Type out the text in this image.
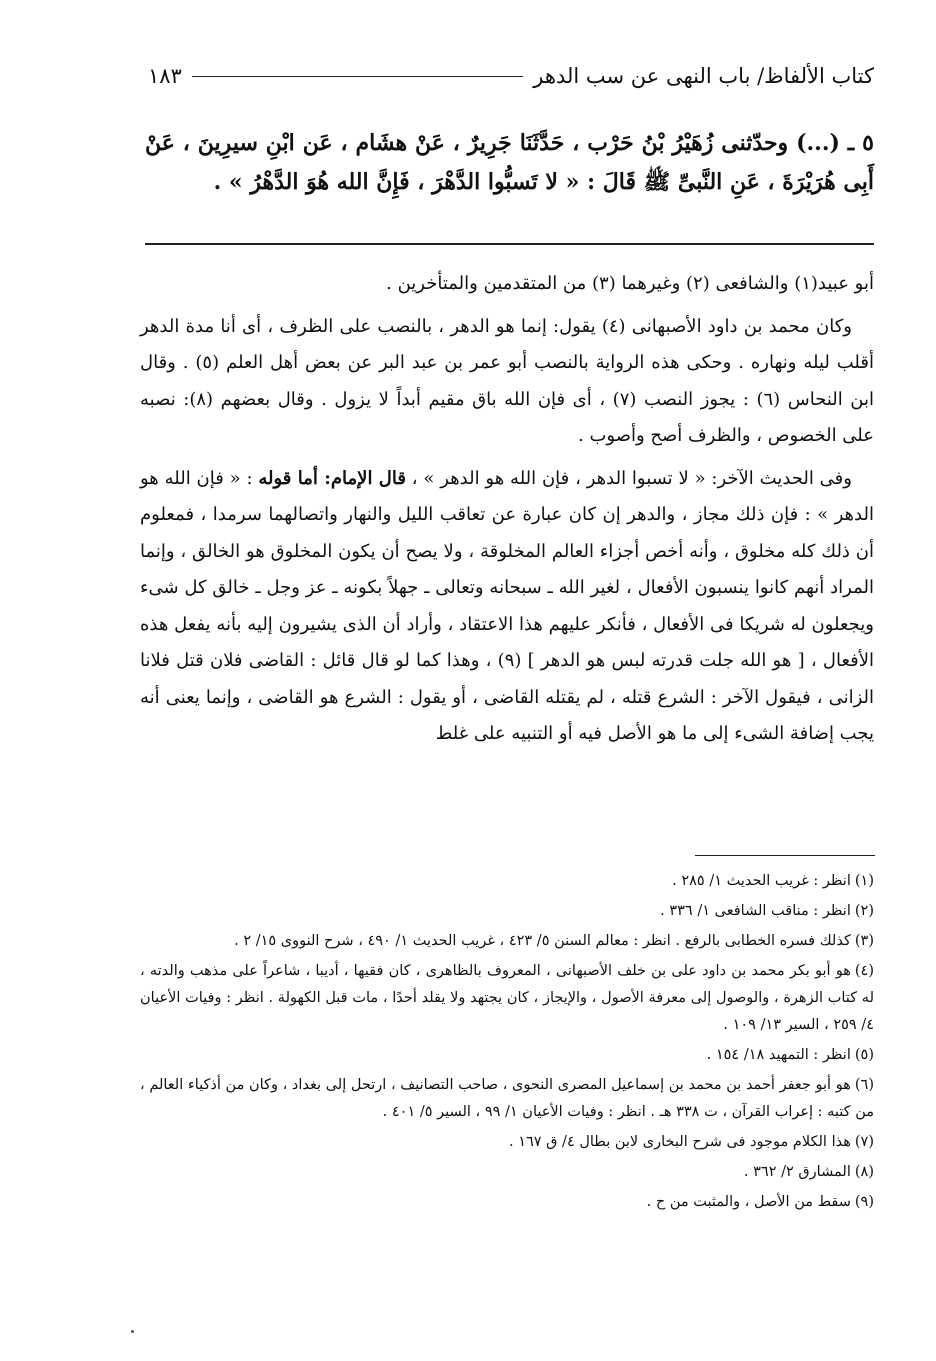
كتاب الألفاظ/ باب النهى عن سب الدهر
١٨٣
٥ ـ (...) وحدّثنى زُهَيْرُ بْنُ حَرْب ، حَدَّثَنَا جَرِيرٌ ، عَنْ هشَام ، عَن ابْنِ سيرِينَ ، عَنْ أَبِى هُرَيْرَةَ ، عَنِ النَّبىِّ ﷺ قَالَ : « لا تَسبُّوا الدَّهْرَ ، فَإِنَّ الله هُوَ الدَّهْرُ » .

أبو عبيد(١) والشافعى (٢) وغيرهما (٣) من المتقدمين والمتأخرين .

وكان محمد بن داود الأصبهانى (٤) يقول: إنما هو الدهر ، بالنصب على الظرف ، أى أنا مدة الدهر أقلب ليله ونهاره . وحكى هذه الرواية بالنصب أبو عمر بن عبد البر عن بعض أهل العلم (٥) . وقال ابن النحاس (٦) : يجوز النصب (٧) ، أى فإن الله باق مقيم أبداً لا يزول . وقال بعضهم (٨): نصبه على الخصوص ، والظرف أصح وأصوب .

وفى الحديث الآخر: « لا تسبوا الدهر ، فإن الله هو الدهر » ، قال الإمام: أما قوله : « فإن الله هو الدهر » : فإن ذلك مجاز ، والدهر إن كان عبارة عن تعاقب الليل والنهار واتصالهما سرمدا ، فمعلوم أن ذلك كله مخلوق ، وأنه أخص أجزاء العالم المخلوقة ، ولا يصح أن يكون المخلوق هو الخالق ، وإنما المراد أنهم كانوا ينسبون الأفعال ، لغير الله ـ سبحانه وتعالى ـ جهلاً بكونه ـ عز وجل ـ خالق كل شىء ويجعلون له شريكا فى الأفعال ، فأنكر عليهم هذا الاعتقاد ، وأراد أن الذى يشيرون إليه بأنه يفعل هذه الأفعال ، [ هو الله جلت قدرته لبس هو الدهر ] (٩) ، وهذا كما لو قال قائل : القاضى فلان قتل فلانا الزانى ، فيقول الآخر : الشرع قتله ، لم يقتله القاضى ، أو يقول : الشرع هو القاضى ، وإنما يعنى أنه يجب إضافة الشىء إلى ما هو الأصل فيه أو التنبيه على غلط

(١)انظر : غريب الحديث ١/ ٢٨٥ .

(٢)انظر : مناقب الشافعى ١/ ٣٣٦ .

(٣)كذلك فسره الخطابى بالرفع . انظر : معالم السنن ٥/ ٤٢٣ ، غريب الحديث ١/ ٤٩٠ ، شرح النووى ١٥/ ٢ .

(٤)هو أبو بكر محمد بن داود على بن خلف الأصبهانى ، المعروف بالظاهرى ، كان فقيها ، أديبا ، شاعراً على مذهب والدته ، له كتاب الزهرة ، والوصول إلى معرفة الأصول ، والإيجاز ، كان يجتهد ولا يقلد أحدًا ، مات قبل الكهولة . انظر : وفيات الأعيان ٤/ ٢٥٩ ، السير ١٣/ ١٠٩ .

(٥)انظر : التمهيد ١٨/ ١٥٤ .

(٦)هو أبو جعفر أحمد بن محمد بن إسماعيل المصرى النحوى ، صاحب التصانيف ، ارتحل إلى بغداد ، وكان من أذكياء العالم ، من كتبه : إعراب القرآن ، ت ٣٣٨ هـ . انظر : وفيات الأعيان ١/ ٩٩ ، السير ٥/ ٤٠١ .

(٧)هذا الكلام موجود فى شرح البخارى لابن بطال ٤/ ق ١٦٧ .

(٨)المشارق ٢/ ٣٦٢ .

(٩)سقط من الأصل ، والمثبت من ح .
